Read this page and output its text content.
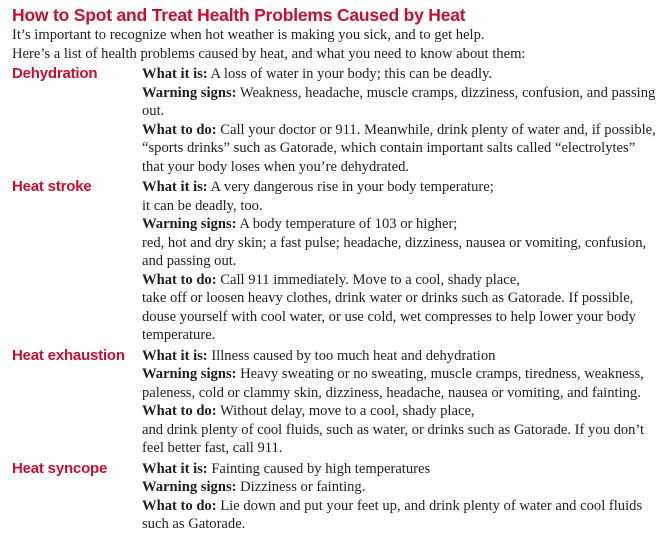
How to Spot and Treat Health Problems Caused by Heat

It’s important to recognize when hot weather is making you sick, and to get help.
Here’s a list of health problems caused by heat, and what you need to know about them:

Dehydration	What it is: A loss of water in your body; this can be deadly.

Warning signs: Weakness, headache, muscle cramps, dizziness, confusion, and passing out.

What to do: Call your doctor or 911. Meanwhile, drink plenty of water and, if possible, “sports drinks” such as Gatorade, which contain important salts called “electrolytes” that your body loses when you’re dehydrated.

Heat stroke	What it is: A very dangerous rise in your body temperature;
it can be deadly, too.

Warning signs: A body temperature of 103 or higher;
red, hot and dry skin; a fast pulse; headache, dizziness, nausea or vomiting, confusion, and passing out.

What to do: Call 911 immediately. Move to a cool, shady place,
take off or loosen heavy clothes, drink water or drinks such as Gatorade. If possible, douse yourself with cool water, or use cold, wet compresses to help lower your body temperature.

Heat exhaustion	What it is: Illness caused by too much heat and dehydration

Warning signs: Heavy sweating or no sweating, muscle cramps, tiredness, weakness, paleness, cold or clammy skin, dizziness, headache, nausea or vomiting, and fainting.

What to do: Without delay, move to a cool, shady place,
and drink plenty of cool fluids, such as water, or drinks such as Gatorade. If you don’t feel better fast, call 911.

Heat syncope	What it is: Fainting caused by high temperatures

Warning signs: Dizziness or fainting.

What to do: Lie down and put your feet up, and drink plenty of water and cool fluids such as Gatorade.
